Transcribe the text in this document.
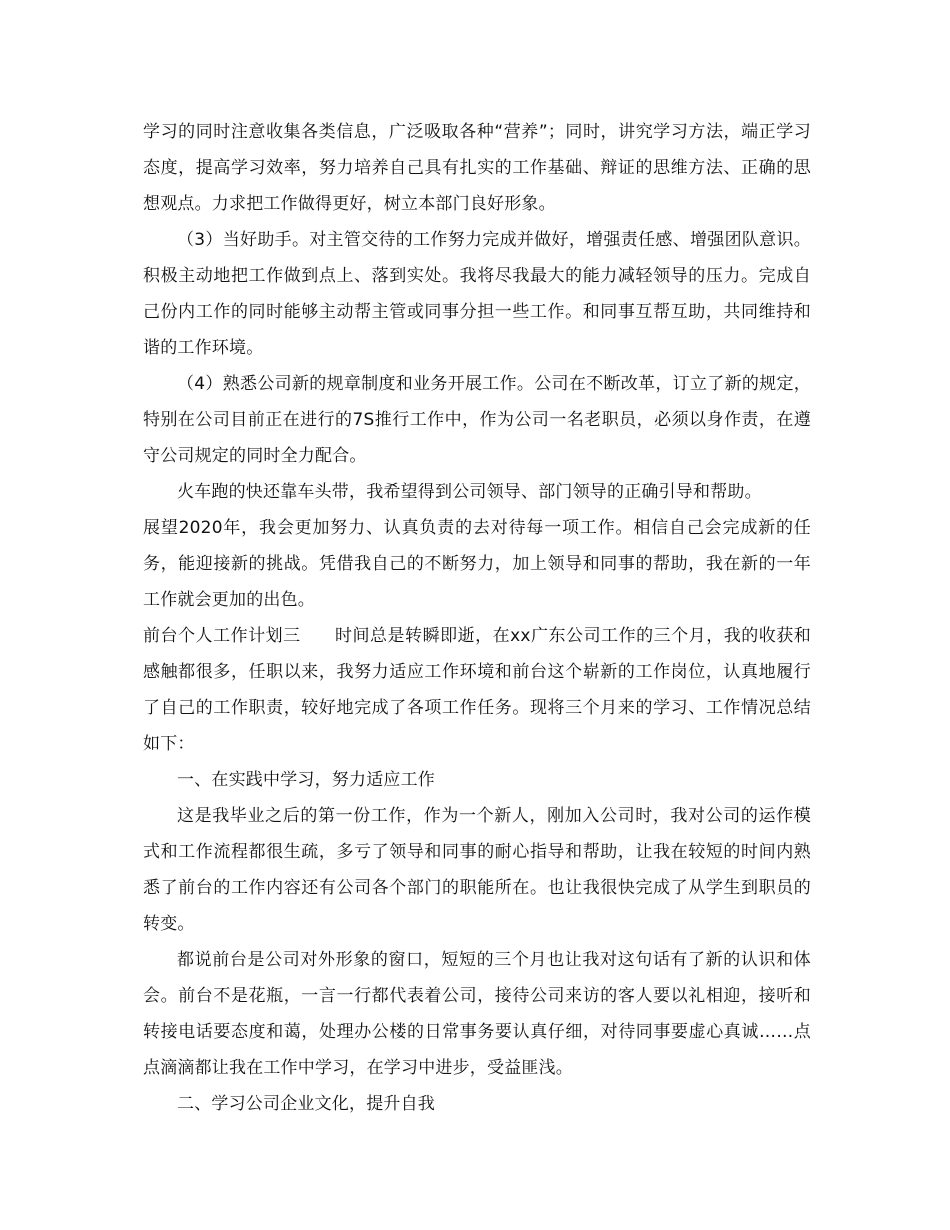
学习的同时注意收集各类信息，广泛吸取各种“营养”；同时，讲究学习方法，端正学习态度，提高学习效率，努力培养自己具有扎实的工作基础、辩证的思维方法、正确的思想观点。力求把工作做得更好，树立本部门良好形象。

（3）当好助手。对主管交待的工作努力完成并做好，增强责任感、增强团队意识。积极主动地把工作做到点上、落到实处。我将尽我最大的能力减轻领导的压力。完成自己份内工作的同时能够主动帮主管或同事分担一些工作。和同事互帮互助，共同维持和谐的工作环境。

（4）熟悉公司新的规章制度和业务开展工作。公司在不断改革，订立了新的规定，特别在公司目前正在进行的7S推行工作中，作为公司一名老职员，必须以身作责，在遵守公司规定的同时全力配合。

火车跑的快还靠车头带，我希望得到公司领导、部门领导的正确引导和帮助。

展望2020年，我会更加努力、认真负责的去对待每一项工作。相信自己会完成新的任务，能迎接新的挑战。凭借我自己的不断努力，加上领导和同事的帮助，我在新的一年工作就会更加的出色。

前台个人工作计划三 时间总是转瞬即逝，在xx广东公司工作的三个月，我的收获和感触都很多，任职以来，我努力适应工作环境和前台这个崭新的工作岗位，认真地履行了自己的工作职责，较好地完成了各项工作任务。现将三个月来的学习、工作情况总结如下：

一、在实践中学习，努力适应工作

这是我毕业之后的第一份工作，作为一个新人，刚加入公司时，我对公司的运作模式和工作流程都很生疏，多亏了领导和同事的耐心指导和帮助，让我在较短的时间内熟悉了前台的工作内容还有公司各个部门的职能所在。也让我很快完成了从学生到职员的转变。

都说前台是公司对外形象的窗口，短短的三个月也让我对这句话有了新的认识和体会。前台不是花瓶，一言一行都代表着公司，接待公司来访的客人要以礼相迎，接听和转接电话要态度和蔼，处理办公楼的日常事务要认真仔细，对待同事要虚心真诚……点点滴滴都让我在工作中学习，在学习中进步，受益匪浅。

二、学习公司企业文化，提升自我
